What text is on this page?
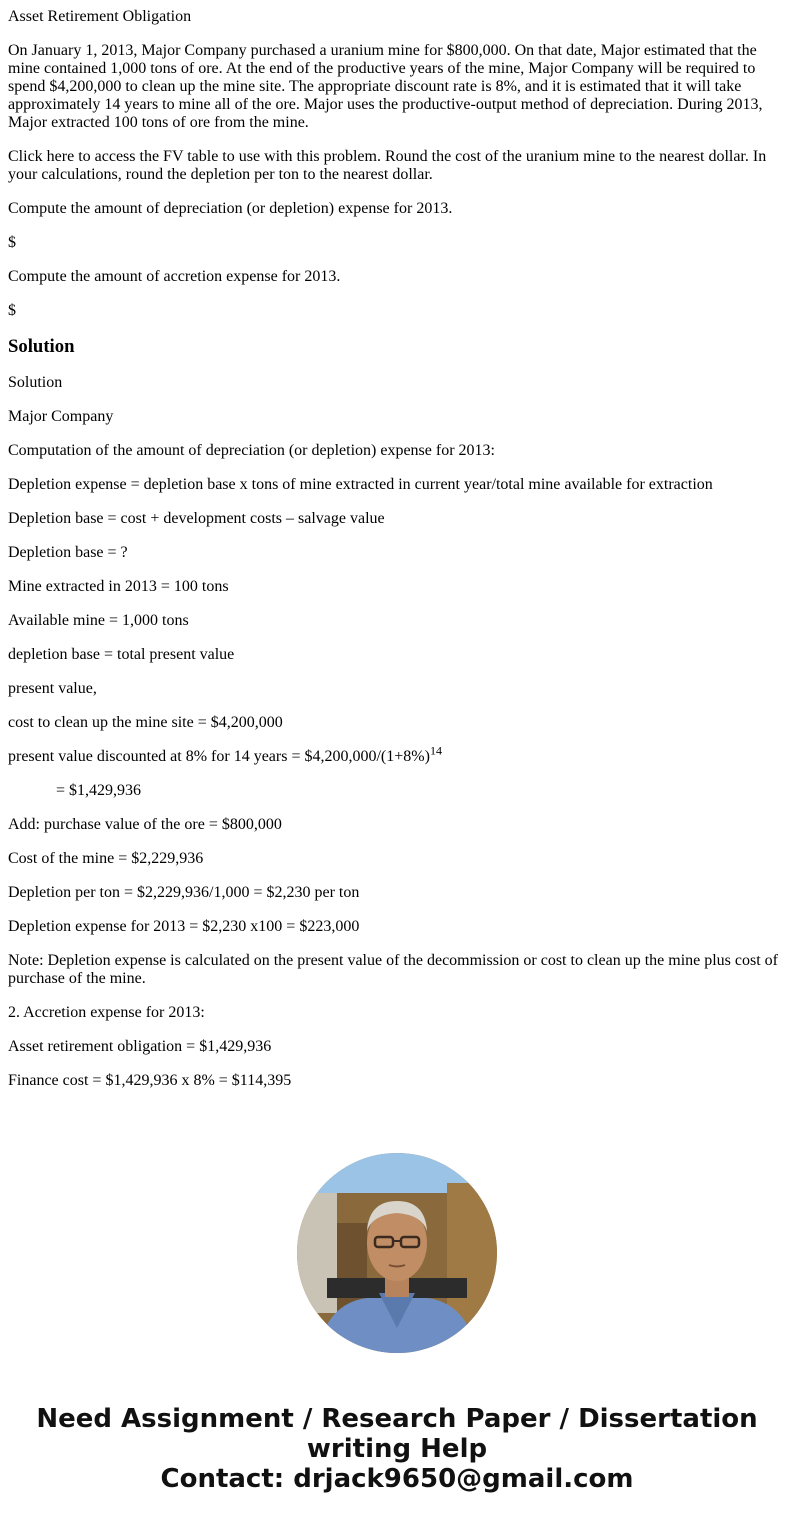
Asset Retirement Obligation

On January 1, 2013, Major Company purchased a uranium mine for $800,000. On that date, Major estimated that the mine contained 1,000 tons of ore. At the end of the productive years of the mine, Major Company will be required to spend $4,200,000 to clean up the mine site. The appropriate discount rate is 8%, and it is estimated that it will take approximately 14 years to mine all of the ore. Major uses the productive-output method of depreciation. During 2013, Major extracted 100 tons of ore from the mine.

Click here to access the FV table to use with this problem. Round the cost of the uranium mine to the nearest dollar. In your calculations, round the depletion per ton to the nearest dollar.

Compute the amount of depreciation (or depletion) expense for 2013.

$

Compute the amount of accretion expense for 2013.

$

Solution

Solution

Major Company

Computation of the amount of depreciation (or depletion) expense for 2013:

Depletion expense = depletion base x tons of mine extracted in current year/total mine available for extraction

Depletion base = cost + development costs – salvage value

Depletion base = ?

Mine extracted in 2013 = 100 tons

Available mine = 1,000 tons

depletion base = total present value

present value,

cost to clean up the mine site = $4,200,000

present value discounted at 8% for 14 years = $\$4,200,000/(1+8\%)^{14}$

= $1,429,936

Add: purchase value of the ore = $800,000

Cost of the mine = $2,229,936

Depletion per ton = $2,229,936/1,000 = $2,230 per ton

Depletion expense for 2013 = $2,230 x100 = $223,000

Note: Depletion expense is calculated on the present value of the decommission or cost to clean up the mine plus cost of purchase of the mine.

2. Accretion expense for 2013:

Asset retirement obligation = $1,429,936

Finance cost = $1,429,936 x 8% = $114,395

Need Assignment / Research Paper / Dissertation
writing Help
Contact: drjack9650@gmail.com
